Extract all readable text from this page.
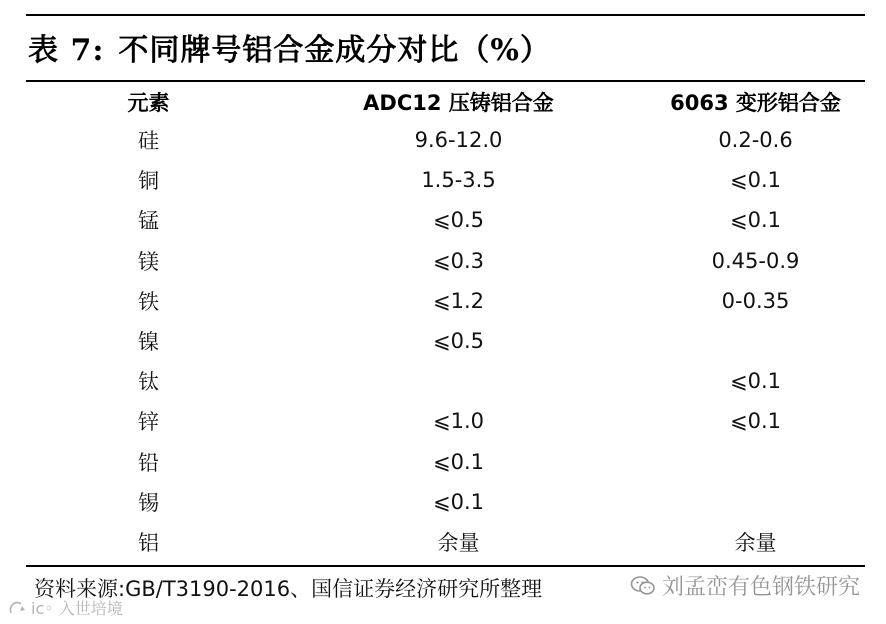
表 7: 不同牌号铝合金成分对比（%）
元素	ADC12 压铸铝合金	6063 变形铝合金
硅	9.6-12.0	0.2-0.6
铜	1.5-3.5	⩽0.1
锰	⩽0.5	⩽0.1
镁	⩽0.3	0.45-0.9
铁	⩽1.2	0-0.35
镍	⩽0.5	
钛		⩽0.1
锌	⩽1.0	⩽0.1
铅	⩽0.1	
锡	⩽0.1	
铝	余量	余量
资料来源:GB/T3190-2016、国信证券经济研究所整理	刘孟峦有色钢铁研究
ic◦ 入世培境
